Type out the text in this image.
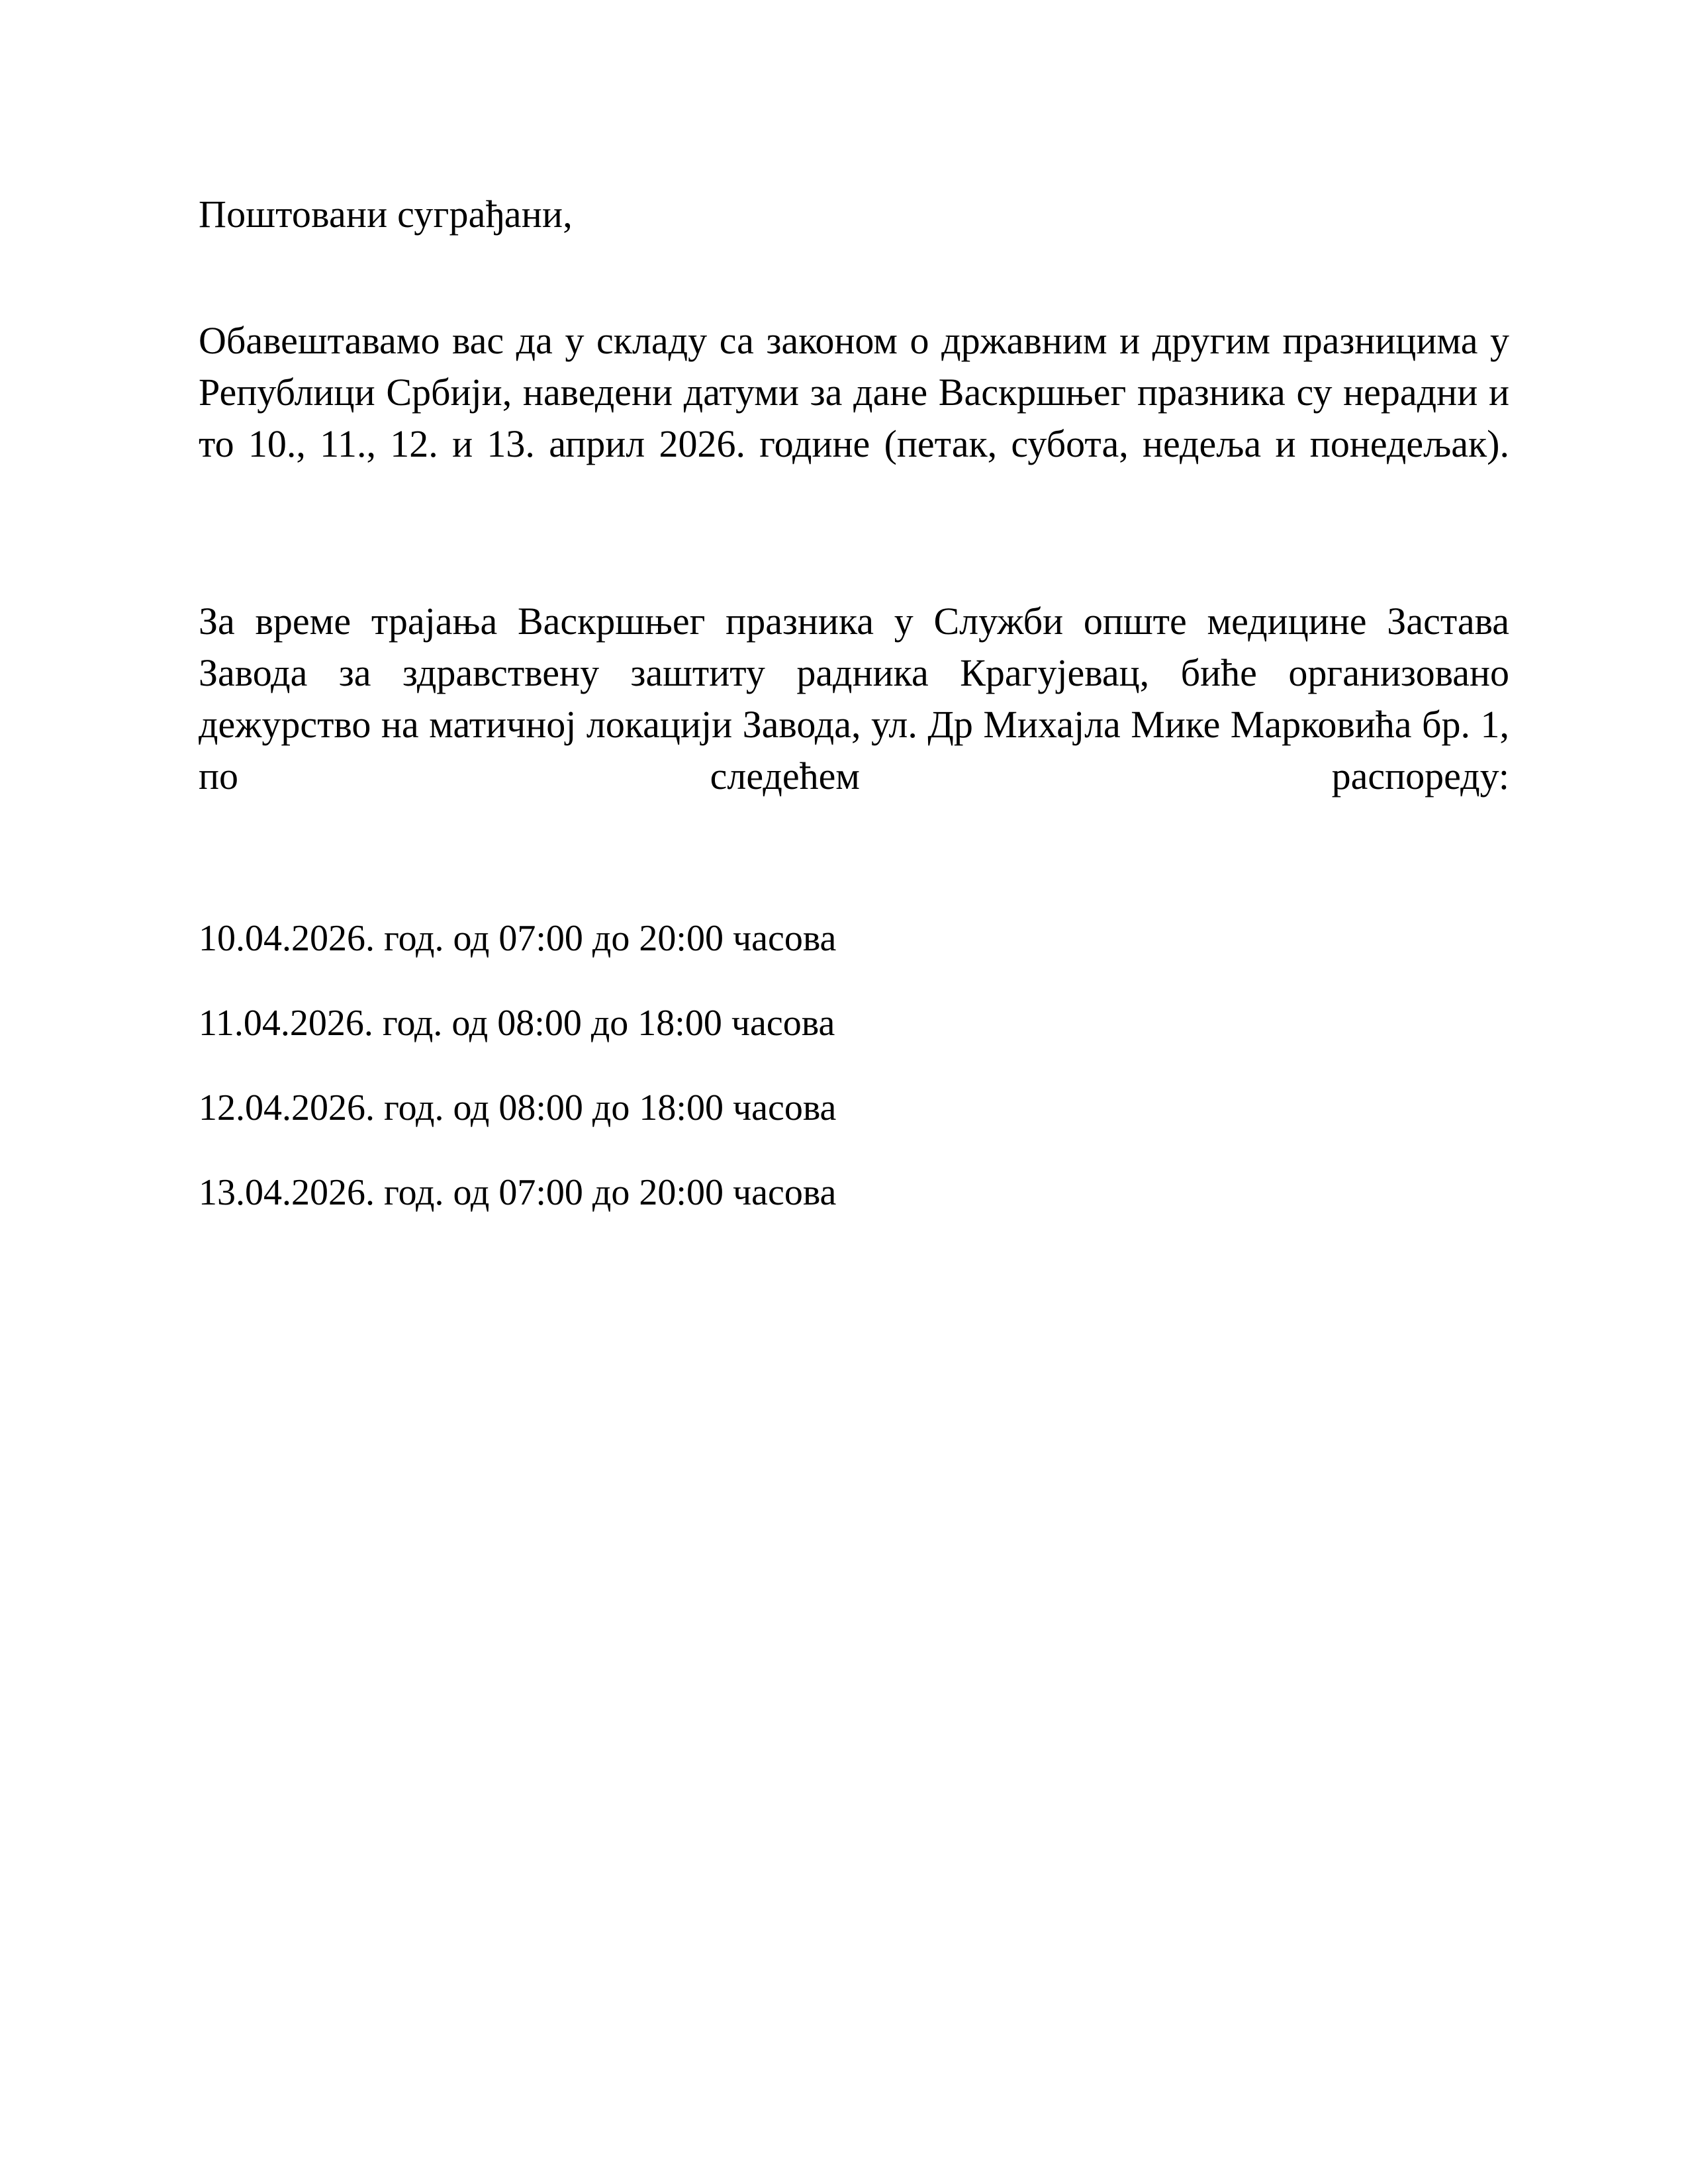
Поштовани суграђани,

Обавештавамо вас да у складу са законом о државним и другим празницима у Републици Србији, наведени датуми за дане Васкршњег празника су нерадни и то 10., 11., 12. и 13. април 2026. године (петак, субота, недеља и понедељак).

За време трајања Васкршњег празника у Служби опште медицине Застава Завода за здравствену заштиту радника Крагујевац, биће организовано дежурство на матичној локацији Завода, ул. Др Михајла Мике Марковића бр. 1, по следећем распореду:

10.04.2026. год. од 07:00 до 20:00 часова
11.04.2026. год. од 08:00 до 18:00 часова
12.04.2026. год. од 08:00 до 18:00 часова
13.04.2026. год. од 07:00 до 20:00 часова
